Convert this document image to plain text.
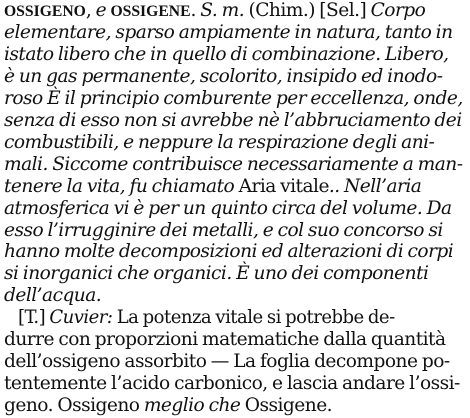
OSSIGENO, e OSSIGENE. S. m. (Chim.) [Sel.] Corpo
elementare, sparso ampiamente in natura, tanto in
istato libero che in quello di combinazione. Libero,
è un gas permanente, scolorito, insipido ed inodo-
roso È il principio comburente per eccellenza, onde,
senza di esso non si avrebbe nè l’abbruciamento dei
combustibili, e neppure la respirazione degli ani-
mali. Siccome contribuisce necessariamente a man-
tenere la vita, fu chiamato Aria vitale.. Nell’aria
atmosferica vi è per un quinto circa del volume. Da
esso l’irrugginire dei metalli, e col suo concorso si
hanno molte decomposizioni ed alterazioni di corpi
si inorganici che organici. È uno dei componenti
dell’acqua.
[T.] Cuvier: La potenza vitale si potrebbe de-
durre con proporzioni matematiche dalla quantità
dell’ossigeno assorbito — La foglia decompone po-
tentemente l’acido carbonico, e lascia andare l’ossi-
geno. Ossigeno meglio che Ossigene.
